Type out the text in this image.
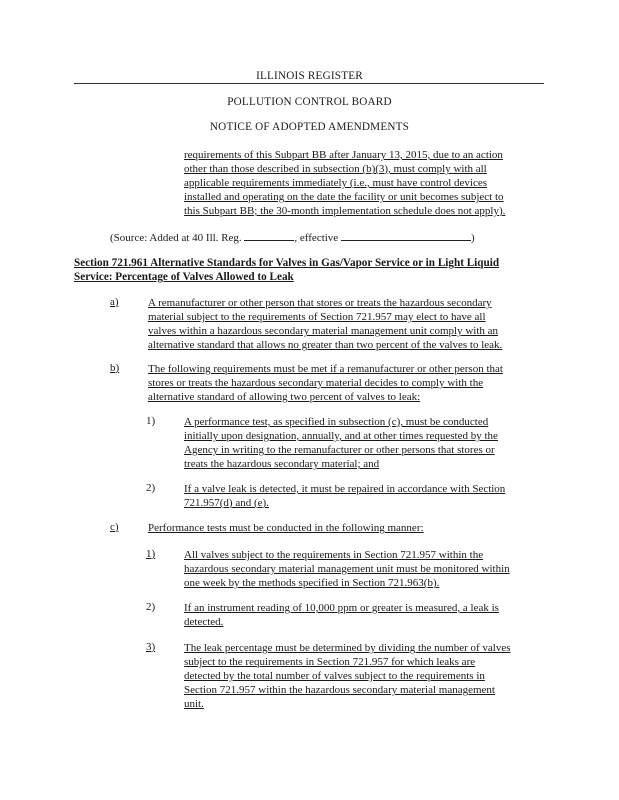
ILLINOIS REGISTER
POLLUTION CONTROL BOARD
NOTICE OF ADOPTED AMENDMENTS

requirements of this Subpart BB after January 13, 2015, due to an action

other than those described in subsection (b)(3), must comply with all

applicable requirements immediately (i.e., must have control devices

installed and operating on the date the facility or unit becomes subject to

this Subpart BB; the 30-month implementation schedule does not apply).

(Source: Added at 40 Ill. Reg.	, effective	)

Section 721.961 Alternative Standards for Valves in Gas/Vapor Service or in Light Liquid

Service: Percentage of Valves Allowed to Leak

a)	A remanufacturer or other person that stores or treats the hazardous secondary

material subject to the requirements of Section 721.957 may elect to have all

valves within a hazardous secondary material management unit comply with an

alternative standard that allows no greater than two percent of the valves to leak.

b)	The following requirements must be met if a remanufacturer or other person that

stores or treats the hazardous secondary material decides to comply with the

alternative standard of allowing two percent of valves to leak:

1)	A performance test, as specified in subsection (c), must be conducted

initially upon designation, annually, and at other times requested by the

Agency in writing to the remanufacturer or other persons that stores or

treats the hazardous secondary material; and

2)	If a valve leak is detected, it must be repaired in accordance with Section

721.957(d) and (e).

c)	Performance tests must be conducted in the following manner:

1)	All valves subject to the requirements in Section 721.957 within the

hazardous secondary material management unit must be monitored within

one week by the methods specified in Section 721.963(b).

2)	If an instrument reading of 10,000 ppm or greater is measured, a leak is

detected.

3)	The leak percentage must be determined by dividing the number of valves

subject to the requirements in Section 721.957 for which leaks are

detected by the total number of valves subject to the requirements in

Section 721.957 within the hazardous secondary material management

unit.
